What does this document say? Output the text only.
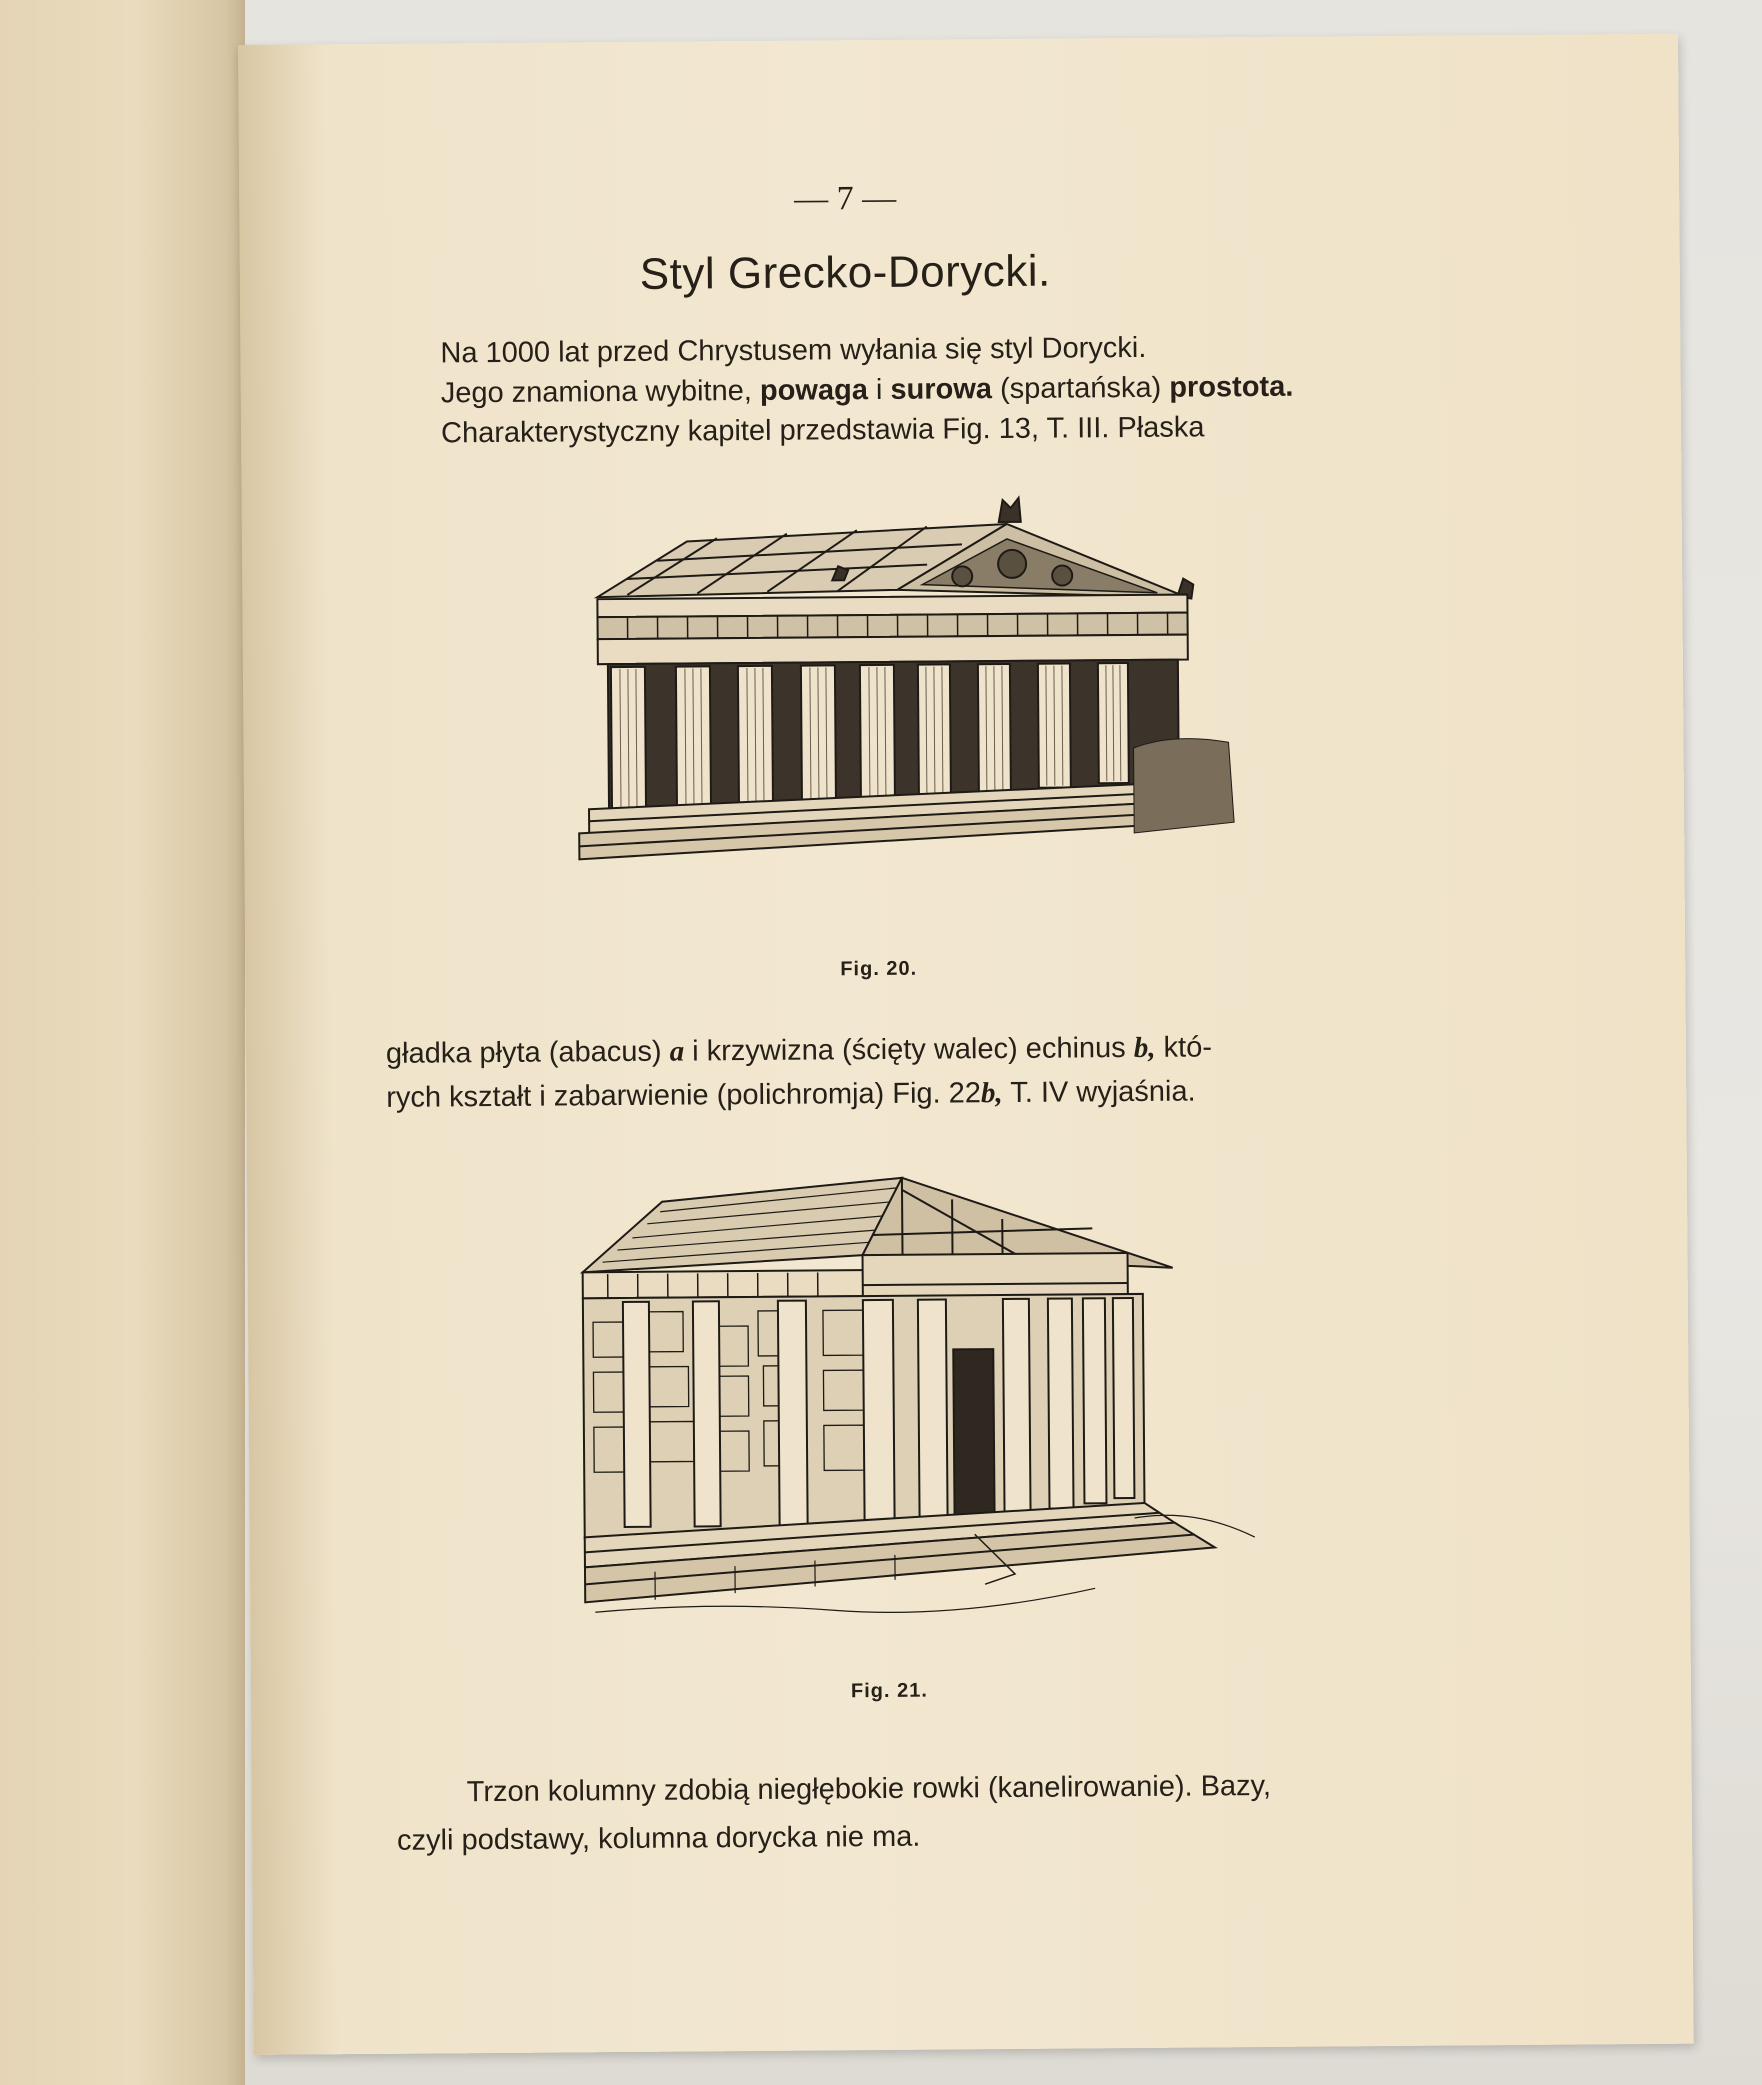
— 7 —
Styl Grecko-Dorycki.
Na 1000 lat przed Chrystusem wyłania się styl Dorycki.
Jego znamiona wybitne, powaga i surowa (spartańska) prostota.
Charakterystyczny kapitel przedstawia Fig. 13, T. III. Płaska
Fig. 20.
gładka płyta (abacus) a i krzywizna (ścięty walec) echinus b, któ-
rych kształt i zabarwienie (polichromja) Fig. 22b, T. IV wyjaśnia.
Fig. 21.
Trzon kolumny zdobią niegłębokie rowki (kanelirowanie). Bazy,
czyli podstawy, kolumna dorycka nie ma.
